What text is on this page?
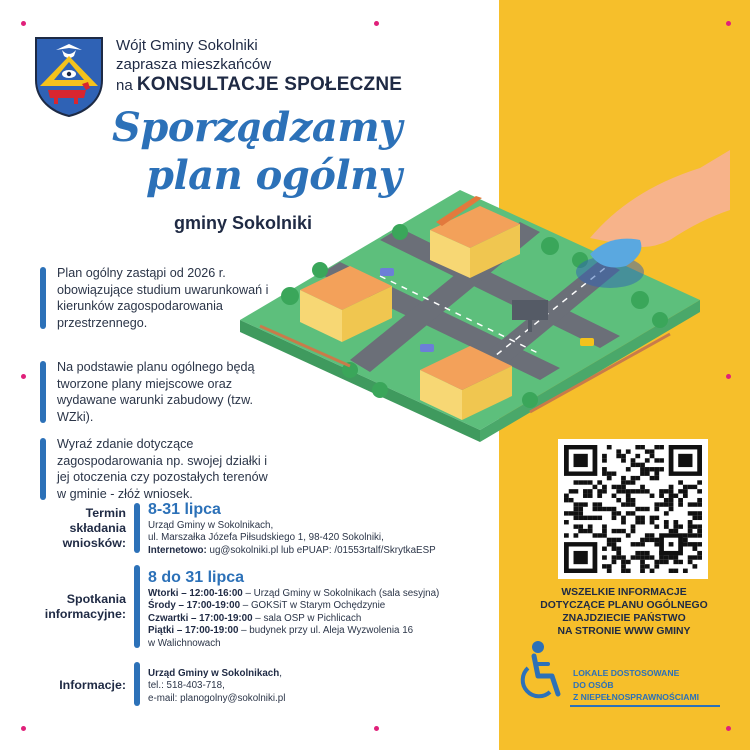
Wójt Gminy Sokolniki
zaprasza mieszkańców
na KONSULTACJE SPOŁECZNE
Sporządzamy
plan ogólny
gminy Sokolniki
Plan ogólny zastąpi od 2026 r. obowiązujące studium uwarunkowań i kierunków zagospodarowania przestrzennego.
Na podstawie planu ogólnego będą tworzone plany miejscowe oraz wydawane warunki zabudowy (tzw. WZki).
Wyraź zdanie dotyczące zagospodarowania np. swojej działki i jej otoczenia czy pozostałych terenów w gminie - złóż wniosek.
Termin
składania
wniosków:
8-31 lipca
Urząd Gminy w Sokolnikach,
ul. Marszałka Józefa Piłsudskiego 1, 98-420 Sokolniki,
Internetowo: ug@sokolniki.pl lub ePUAP: /01553rtalf/SkrytkaESP
Spotkania
informacyjne:
8 do 31 lipca
Wtorki – 12:00-16:00 – Urząd Gminy w Sokolnikach (sala sesyjna)
Środy – 17:00-19:00 – GOKSiT w Starym Ochędzynie
Czwartki – 17:00-19:00 – sala OSP w Pichlicach
Piątki – 17:00-19:00 – budynek przy ul. Aleja Wyzwolenia 16
w Walichnowach
Informacje:
Urząd Gminy w Sokolnikach,
tel.: 518-403-718,
e-mail: planogolny@sokolniki.pl
WSZELKIE INFORMACJE
DOTYCZĄCE PLANU OGÓLNEGO
ZNAJDZIECIE PAŃSTWO
NA STRONIE WWW GMINY
LOKALE DOSTOSOWANE
DO OSÓB
Z NIEPEŁNOSPRAWNOŚCIAMI
